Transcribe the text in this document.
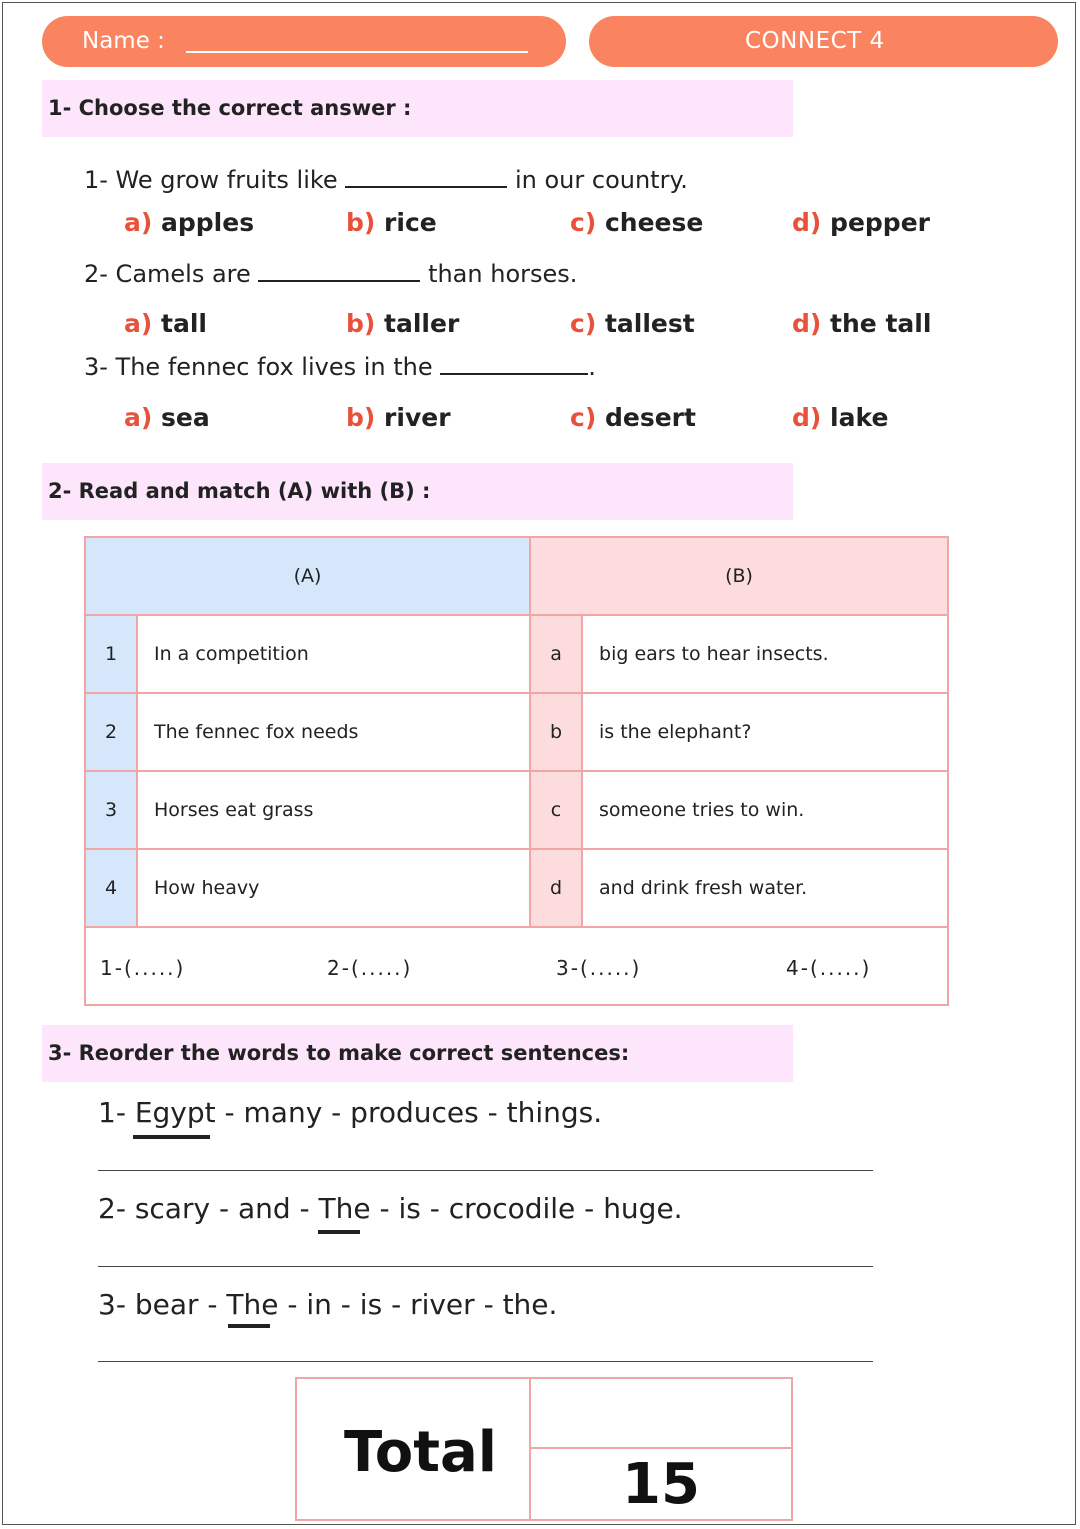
Name :	CONNECT 4
1- Choose the correct answer :
1- We grow fruits like	in our country.
a) apples	b) rice	c) cheese	d) pepper
2- Camels are	than horses.
a) tall	b) taller	c) tallest	d) the tall
3- The fennec fox lives in the	.
a) sea	b) river	c) desert	d) lake
2- Read and match (A) with (B) :
(A)		(B)	
1	In a competition	a	big ears to hear insects.
2	The fennec fox needs	b	is the elephant?
3	Horses eat grass	c	someone tries to win.
4	How heavy	d	and drink fresh water.

1-(.....)	2-(.....)	3-(.....)	4-(.....)
3- Reorder the words to make correct sentences:
1- Egypt - many - produces - things.
2- scary - and - The - is - crocodile - huge.
3- bear - The - in - is - river - the.
Total 15
